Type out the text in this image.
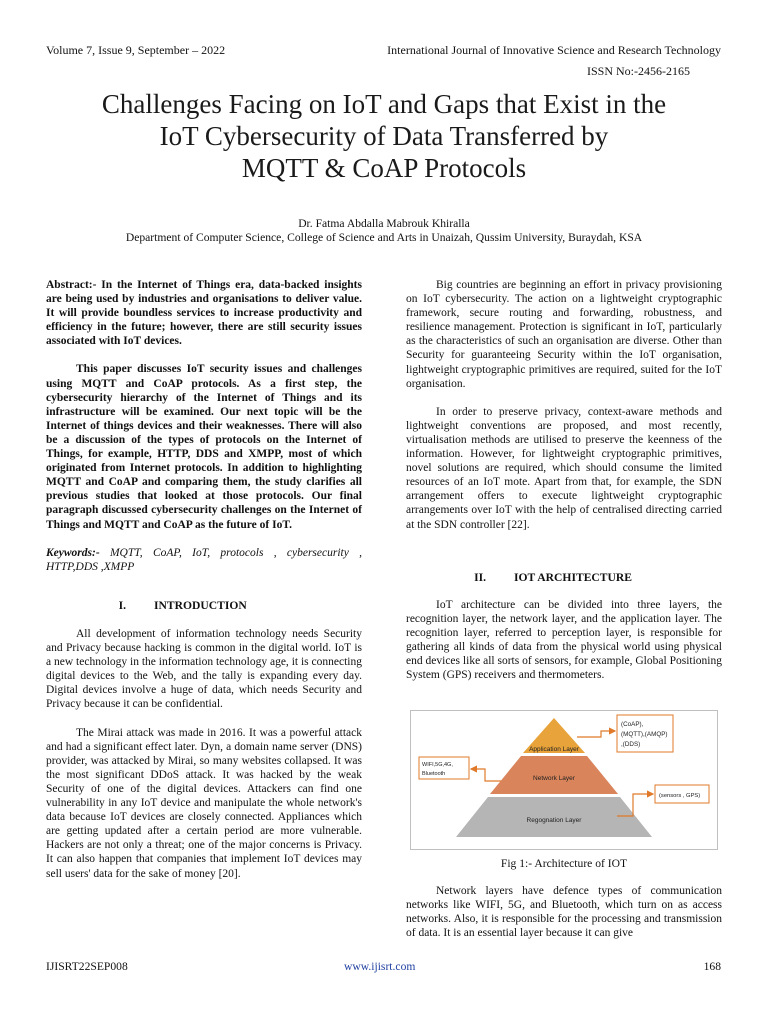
Volume 7, Issue 9, September – 2022	International Journal of Innovative Science and Research Technology
ISSN No:-2456-2165
Challenges Facing on IoT and Gaps that Exist in the
IoT Cybersecurity of Data Transferred by
MQTT & CoAP Protocols
Dr. Fatma Abdalla Mabrouk Khiralla
Department of Computer Science, College of Science and Arts in Unaizah, Qussim University, Buraydah, KSA

Abstract:- In the Internet of Things era, data-backed insights are being used by industries and organisations to deliver value. It will provide boundless services to increase productivity and efficiency in the future; however, there are still security issues associated with IoT devices.

This paper discusses IoT security issues and challenges using MQTT and CoAP protocols. As a first step, the cybersecurity hierarchy of the Internet of Things and its infrastructure will be examined. Our next topic will be the Internet of things devices and their weaknesses. There will also be a discussion of the types of protocols on the Internet of Things, for example, HTTP, DDS and XMPP, most of which originated from Internet protocols. In addition to highlighting MQTT and CoAP and comparing them, the study clarifies all previous studies that looked at those protocols. Our final paragraph discussed cybersecurity challenges on the Internet of Things and MQTT and CoAP as the future of IoT.

Keywords:- MQTT, CoAP, IoT, protocols , cybersecurity , HTTP,DDS ,XMPP

I. INTRODUCTION

All development of information technology needs Security and Privacy because hacking is common in the digital world. IoT is a new technology in the information technology age, it is connecting digital devices to the Web, and the tally is expanding every day. Digital devices involve a huge of data, which needs Security and Privacy because it can be confidential.

The Mirai attack was made in 2016. It was a powerful attack and had a significant effect later. Dyn, a domain name server (DNS) provider, was attacked by Mirai, so many websites collapsed. It was the most significant DDoS attack. It was hacked by the weak Security of one of the digital devices. Attackers can find one vulnerability in any IoT device and manipulate the whole network's data because IoT devices are closely connected. Appliances which are getting updated after a certain period are more vulnerable. Hackers are not only a threat; one of the major concerns is Privacy. It can also happen that companies that implement IoT devices may sell users' data for the sake of money [20].

Big countries are beginning an effort in privacy provisioning on IoT cybersecurity. The action on a lightweight cryptographic framework, secure routing and forwarding, robustness, and resilience management. Protection is significant in IoT, particularly as the characteristics of such an organisation are diverse. Other than Security for guaranteeing Security within the IoT organisation, lightweight cryptographic primitives are required, suited for the IoT organisation.

In order to preserve privacy, context-aware methods and lightweight conventions are proposed, and most recently, virtualisation methods are utilised to preserve the keenness of the information. However, for lightweight cryptographic primitives, novel solutions are required, which should consume the limited resources of an IoT mote. Apart from that, for example, the SDN arrangement offers to execute lightweight cryptographic arrangements over IoT with the help of centralised directing carried at the SDN controller [22].

II. IOT ARCHITECTURE

IoT architecture can be divided into three layers, the recognition layer, the network layer, and the application layer. The recognition layer, referred to perception layer, is responsible for gathering all kinds of data from the physical world using physical end devices like all sorts of sensors, for example, Global Positioning System (GPS) receivers and thermometers.

Application Layer
Network Layer
Regognation Layer
(CoAP),
(MQTT),(AMQP)
,(DDS)
WIFI,5G,4G,
Bluetooth
(sensors , GPS)
Fig 1:- Architecture of IOT

Network layers have defence types of communication networks like WIFI, 5G, and Bluetooth, which turn on as access networks. Also, it is responsible for the processing and transmission of data. It is an essential layer because it can give

IJISRT22SEP008	www.ijisrt.com	168
